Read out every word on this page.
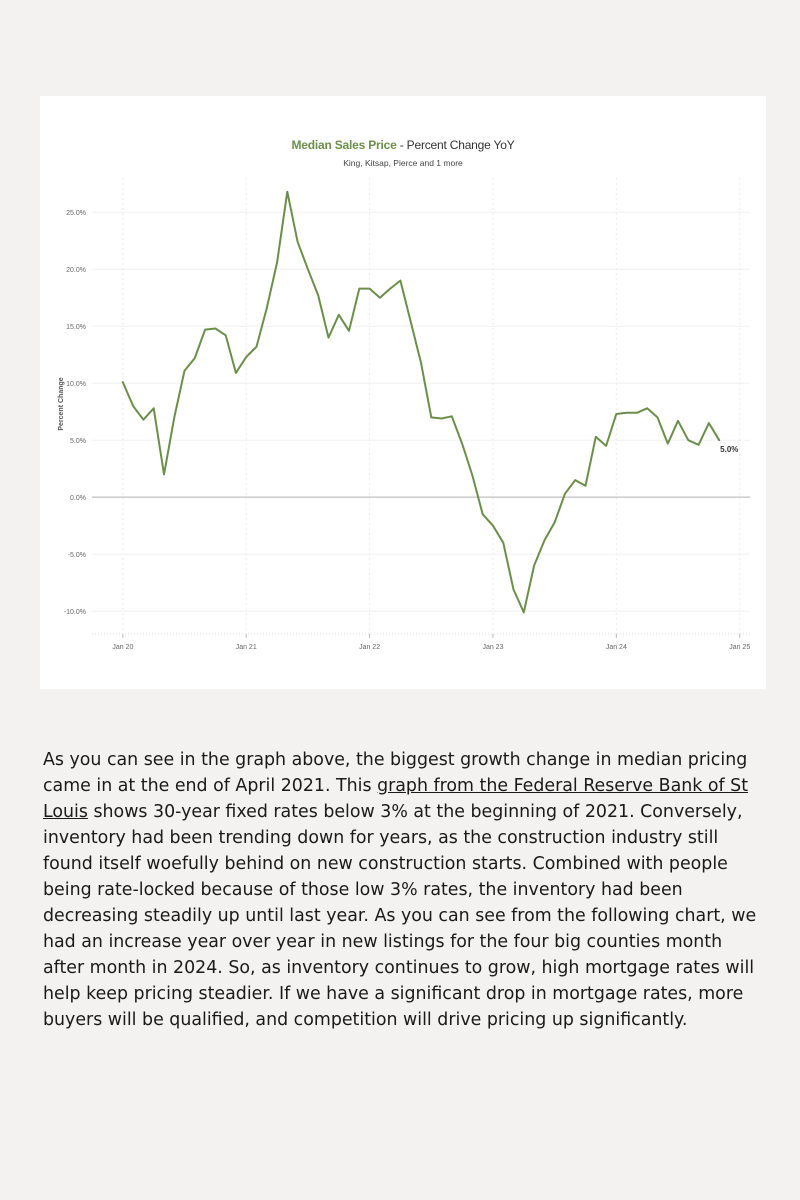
Median Sales Price - Percent Change YoY
King, Kitsap, Pierce and 1 more
25.0%
20.0%
15.0%
10.0%
5.0%
0.0%
-5.0%
-10.0%
Jan 20	Jan 21	Jan 22	Jan 23	Jan 24	Jan 25
Percent Change
5.0%

As you can see in the graph above, the biggest growth change in median pricing came in at the end of April 2021. This graph from the Federal Reserve Bank of St Louis shows 30-year fixed rates below 3% at the beginning of 2021. Conversely, inventory had been trending down for years, as the construction industry still found itself woefully behind on new construction starts. Combined with people being rate-locked because of those low 3% rates, the inventory had been decreasing steadily up until last year. As you can see from the following chart, we had an increase year over year in new listings for the four big counties month after month in 2024. So, as inventory continues to grow, high mortgage rates will help keep pricing steadier. If we have a significant drop in mortgage rates, more buyers will be qualified, and competition will drive pricing up significantly.
